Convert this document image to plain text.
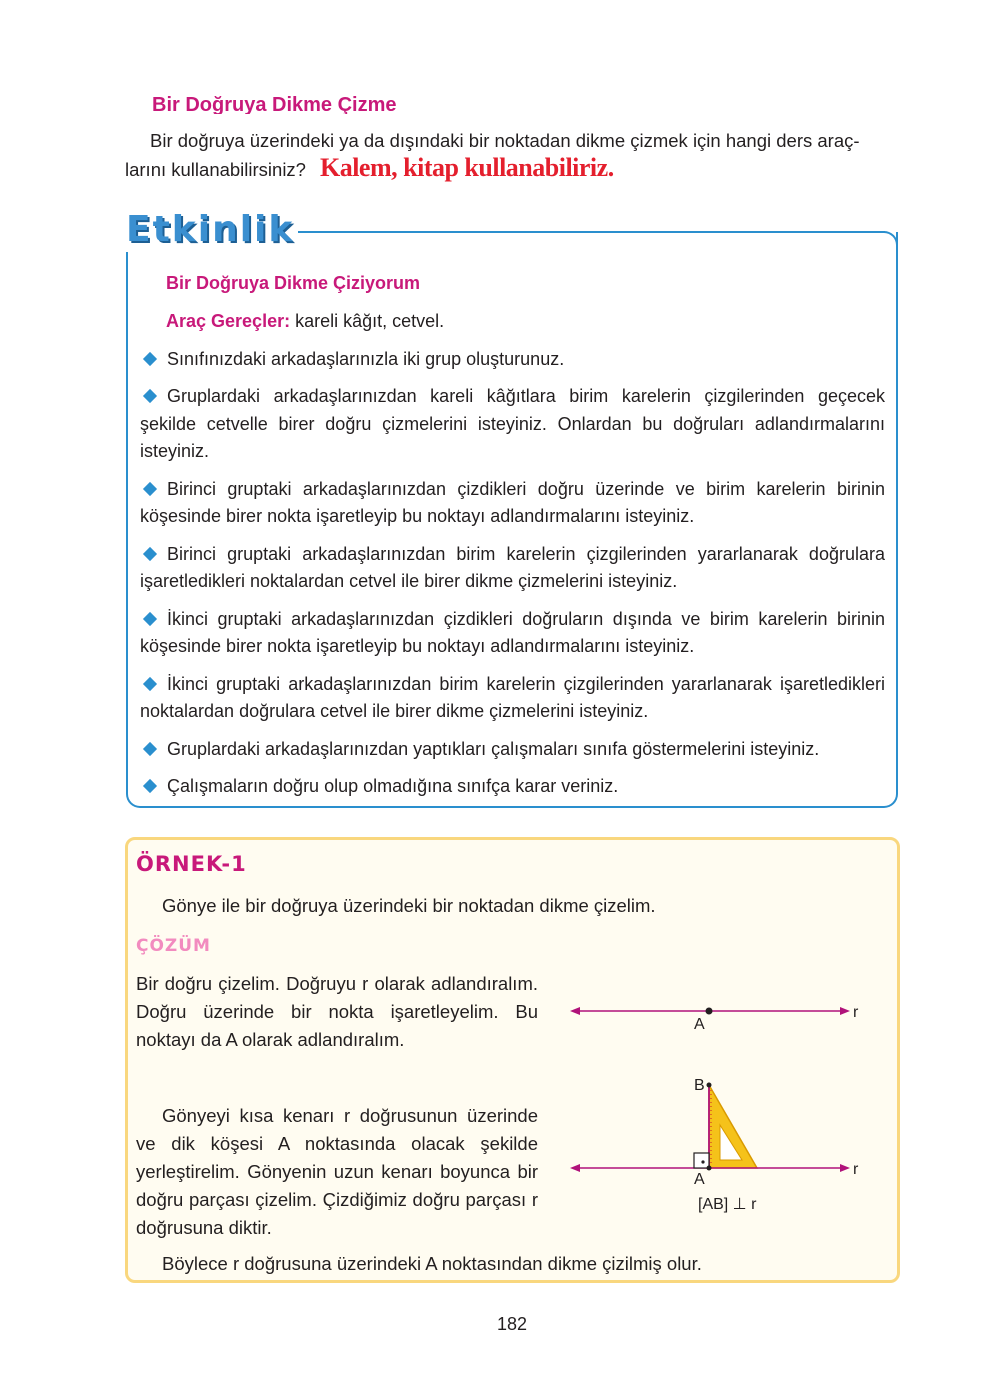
Bir Doğruya Dikme Çizme
Bir doğruya üzerindeki ya da dışındaki bir noktadan dikme çizmek için hangi ders araç-
larını kullanabilirsiniz? Kalem, kitap kullanabiliriz.
Etkinlik
Bir Doğruya Dikme Çiziyorum
Araç Gereçler: kareli kâğıt, cetvel.
Sınıfınızdaki arkadaşlarınızla iki grup oluşturunuz.
Gruplardaki arkadaşlarınızdan kareli kâğıtlara birim karelerin çizgilerinden geçecek şekilde cetvelle birer doğru çizmelerini isteyiniz. Onlardan bu doğruları adlandırmalarını isteyiniz.
Birinci gruptaki arkadaşlarınızdan çizdikleri doğru üzerinde ve birim karelerin birinin köşesinde birer nokta işaretleyip bu noktayı adlandırmalarını isteyiniz.
Birinci gruptaki arkadaşlarınızdan birim karelerin çizgilerinden yararlanarak doğrulara işaretledikleri noktalardan cetvel ile birer dikme çizmelerini isteyiniz.
İkinci gruptaki arkadaşlarınızdan çizdikleri doğruların dışında ve birim karelerin birinin köşesinde birer nokta işaretleyip bu noktayı adlandırmalarını isteyiniz.
İkinci gruptaki arkadaşlarınızdan birim karelerin çizgilerinden yararlanarak işaretledikleri noktalardan doğrulara cetvel ile birer dikme çizmelerini isteyiniz.
Gruplardaki arkadaşlarınızdan yaptıkları çalışmaları sınıfa göstermelerini isteyiniz.
Çalışmaların doğru olup olmadığına sınıfça karar veriniz.
ÖRNEK-1
Gönye ile bir doğruya üzerindeki bir noktadan dikme çizelim.
ÇÖZÜM
Bir doğru çizelim. Doğruyu r olarak adlandıralım. Doğru üzerinde bir nokta işaretleyelim. Bu noktayı da A olarak adlandıralım.
Gönyeyi kısa kenarı r doğrusunun üzerinde ve dik köşesi A noktasında olacak şekilde yerleştirelim. Gönyenin uzun kenarı boyunca bir doğru parçası çizelim. Çizdiğimiz doğru parçası r doğrusuna diktir.
Böylece r doğrusuna üzerindeki A noktasından dikme çizilmiş olur.
A
r
B
A
r
[AB] ⊥ r
182
